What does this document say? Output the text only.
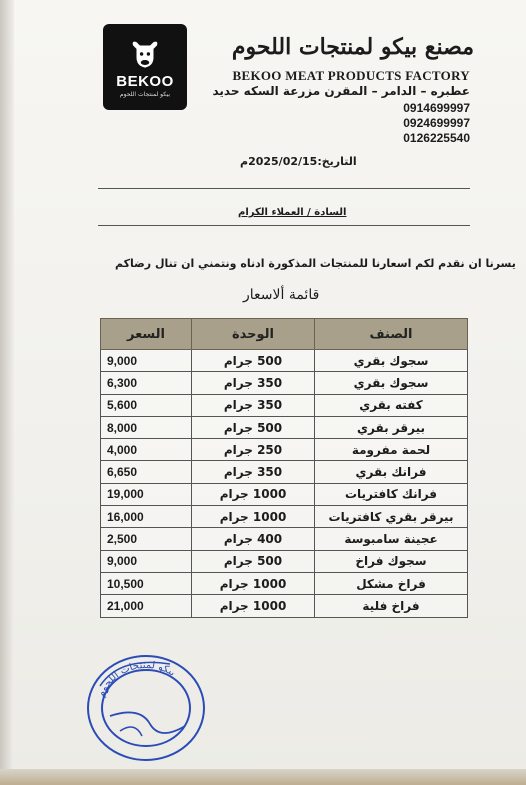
BEKOO
بيكو لمنتجات اللحوم
مصنع بيكو لمنتجات اللحوم
BEKOO MEAT PRODUCTS FACTORY
عطبره – الدامر – المقرن مزرعة السكه حديد
0914699997
0924699997
0126225540
التاريخ:2025/02/15م
السادة / العملاء الكرام
يسرنا ان نقدم لكم اسعارنا للمنتجات المذكورة ادناه ونتمني ان تنال رضاكم
قائمة ألاسعار
الصنف	الوحدة	السعر
سجوك بقري	500 جرام	9,000
سجوك بقري	350 جرام	6,300
كفته بقري	350 جرام	5,600
بيرقر بقري	500 جرام	8,000
لحمة مفرومة	250 جرام	4,000
فرانك بقري	350 جرام	6,650
فرانك كافتريات	1000 جرام	19,000
بيرقر بقري كافتريات	1000 جرام	16,000
عجينة سامبوسة	400 جرام	2,500
سجوك فراخ	500 جرام	9,000
فراخ مشكل	1000 جرام	10,500
فراخ فلية	1000 جرام	21,000
بيكو لمنتجات اللحوم
